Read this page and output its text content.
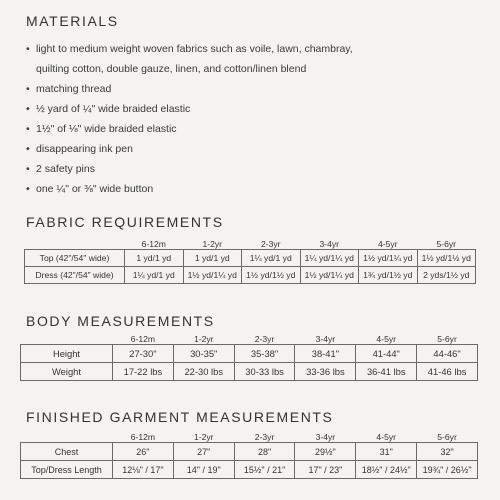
MATERIALS
• light to medium weight woven fabrics such as voile, lawn, chambray,
quilting cotton, double gauze, linen, and cotton/linen blend
• matching thread
• ½ yard of ¼" wide braided elastic
• 1½" of ⅛" wide braided elastic
• disappearing ink pen
• 2 safety pins
• one ¼" or ⅜" wide button
FABRIC REQUIREMENTS
	6-12m	1-2yr	2-3yr	3-4yr	4-5yr	5-6yr
Top (42"/54" wide)	1 yd/1 yd	1 yd/1 yd	1¼ yd/1 yd	1¼ yd/1¼ yd	1½ yd/1¼ yd	1½ yd/1½ yd
Dress (42"/54" wide)	1¼ yd/1 yd	1½ yd/1¼ yd	1½ yd/1½ yd	1½ yd/1¼ yd	1¾ yd/1½ yd	2 yds/1½ yd
BODY MEASUREMENTS
	6-12m	1-2yr	2-3yr	3-4yr	4-5yr	5-6yr
Height	27-30"	30-35"	35-38"	38-41"	41-44"	44-46"
Weight	17-22 lbs	22-30 lbs	30-33 lbs	33-36 lbs	36-41 lbs	41-46 lbs
FINISHED GARMENT MEASUREMENTS
	6-12m	1-2yr	2-3yr	3-4yr	4-5yr	5-6yr
Chest	26"	27"	28"	29½"	31"	32"
Top/Dress Length	12⅛" / 17"	14" / 19"	15½" / 21"	17" / 23"	18½" / 24½"	19¾" / 26½"
